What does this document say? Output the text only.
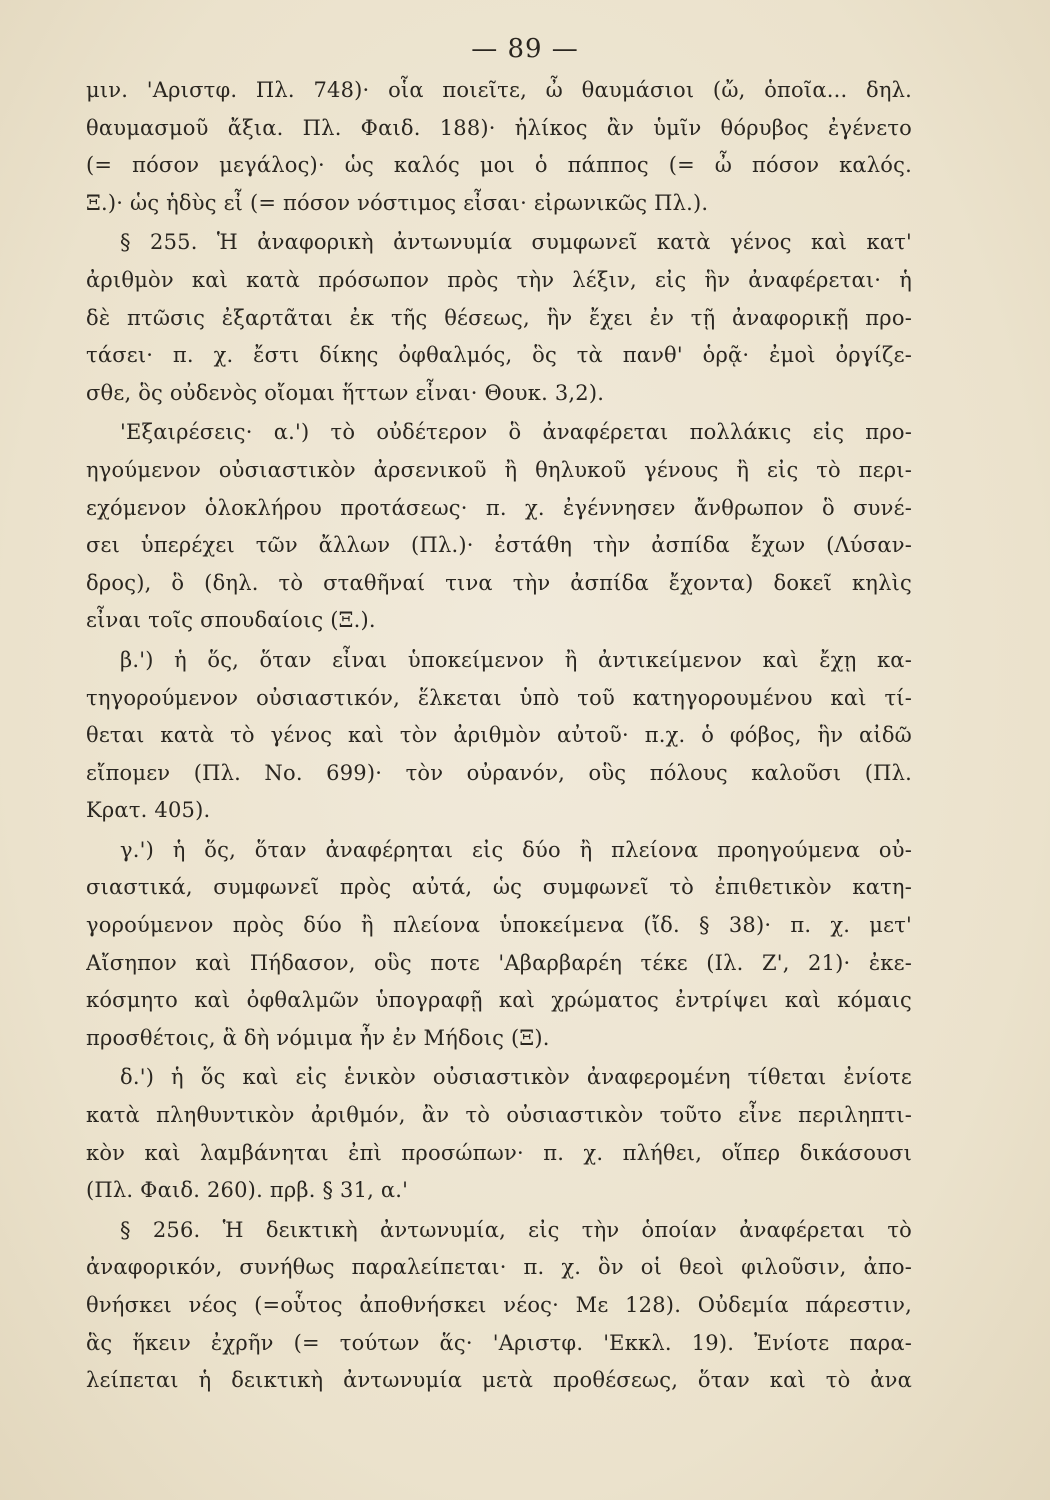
— 89 —
μιν. 'Αριστφ. Πλ. 748)· οἷα ποιεῖτε, ὦ θαυμάσιοι (ὤ, ὁποῖα... δηλ.
θαυμασμοῦ ἄξια. Πλ. Φαιδ. 188)· ἡλίκος ἂν ὑμῖν θόρυβος ἐγένετο
(= πόσον μεγάλος)· ὡς καλός μοι ὁ πάππος (= ὦ πόσον καλός.
Ξ.)· ὡς ἡδὺς εἶ (= πόσον νόστιμος εἶσαι· εἰρωνικῶς Πλ.).
§ 255. Ἡ ἀναφορικὴ ἀντωνυμία συμφωνεῖ κατὰ γένος καὶ κατ'
ἀριθμὸν καὶ κατὰ πρόσωπον πρὸς τὴν λέξιν, εἰς ἣν ἀναφέρεται· ἡ
δὲ πτῶσις ἐξαρτᾶται ἐκ τῆς θέσεως, ἣν ἔχει ἐν τῇ ἀναφορικῇ προ-
τάσει· π. χ. ἔστι δίκης ὀφθαλμός, ὃς τὰ πανθ' ὁρᾷ· ἐμοὶ ὀργίζε-
σθε, ὃς οὐδενὸς οἴομαι ἥττων εἶναι· Θουκ. 3,2).
'Εξαιρέσεις· α.') τὸ οὐδέτερον ὃ ἀναφέρεται πολλάκις εἰς προ-
ηγούμενον οὐσιαστικὸν ἀρσενικοῦ ἢ θηλυκοῦ γένους ἢ εἰς τὸ περι-
εχόμενον ὁλοκλήρου προτάσεως· π. χ. ἐγέννησεν ἄνθρωπον ὃ συνέ-
σει ὑπερέχει τῶν ἄλλων (Πλ.)· ἐστάθη τὴν ἀσπίδα ἔχων (Λύσαν-
δρος), ὃ (δηλ. τὸ σταθῆναί τινα τὴν ἀσπίδα ἔχοντα) δοκεῖ κηλὶς
εἶναι τοῖς σπουδαίοις (Ξ.).
β.') ἡ ὅς, ὅταν εἶναι ὑποκείμενον ἢ ἀντικείμενον καὶ ἔχῃ κα-
τηγορούμενον οὐσιαστικόν, ἕλκεται ὑπὸ τοῦ κατηγορουμένου καὶ τί-
θεται κατὰ τὸ γένος καὶ τὸν ἀριθμὸν αὐτοῦ· π.χ. ὁ φόβος, ἣν αἰδῶ
εἴπομεν (Πλ. Νο. 699)· τὸν οὐρανόν, οὓς πόλους καλοῦσι (Πλ.
Κρατ. 405).
γ.') ἡ ὅς, ὅταν ἀναφέρηται εἰς δύο ἢ πλείονα προηγούμενα οὐ-
σιαστικά, συμφωνεῖ πρὸς αὐτά, ὡς συμφωνεῖ τὸ ἐπιθετικὸν κατη-
γορούμενον πρὸς δύο ἢ πλείονα ὑποκείμενα (ἴδ. § 38)· π. χ. μετ'
Αἴσηπον καὶ Πήδασον, οὓς ποτε 'Αβαρβαρέη τέκε (Ιλ. Ζ', 21)· ἐκε-
κόσμητο καὶ ὀφθαλμῶν ὑπογραφῇ καὶ χρώματος ἐντρίψει καὶ κόμαις
προσθέτοις, ἃ δὴ νόμιμα ἦν ἐν Μήδοις (Ξ).
δ.') ἡ ὅς καὶ εἰς ἑνικὸν οὐσιαστικὸν ἀναφερομένη τίθεται ἐνίοτε
κατὰ πληθυντικὸν ἀριθμόν, ἂν τὸ οὐσιαστικὸν τοῦτο εἶνε περιληπτι-
κὸν καὶ λαμβάνηται ἐπὶ προσώπων· π. χ. πλήθει, οἵπερ δικάσουσι
(Πλ. Φαιδ. 260). πρβ. § 31, α.'
§ 256. Ἡ δεικτικὴ ἀντωνυμία, εἰς τὴν ὁποίαν ἀναφέρεται τὸ
ἀναφορικόν, συνήθως παραλείπεται· π. χ. ὃν οἱ θεοὶ φιλοῦσιν, ἀπο-
θνήσκει νέος (=οὗτος ἀποθνήσκει νέος· Με 128). Οὐδεμία πάρεστιν,
ἃς ἥκειν ἐχρῆν (= τούτων ἅς· 'Αριστφ. 'Εκκλ. 19). Ἐνίοτε παρα-
λείπεται ἡ δεικτικὴ ἀντωνυμία μετὰ προθέσεως, ὅταν καὶ τὸ ἀνα
